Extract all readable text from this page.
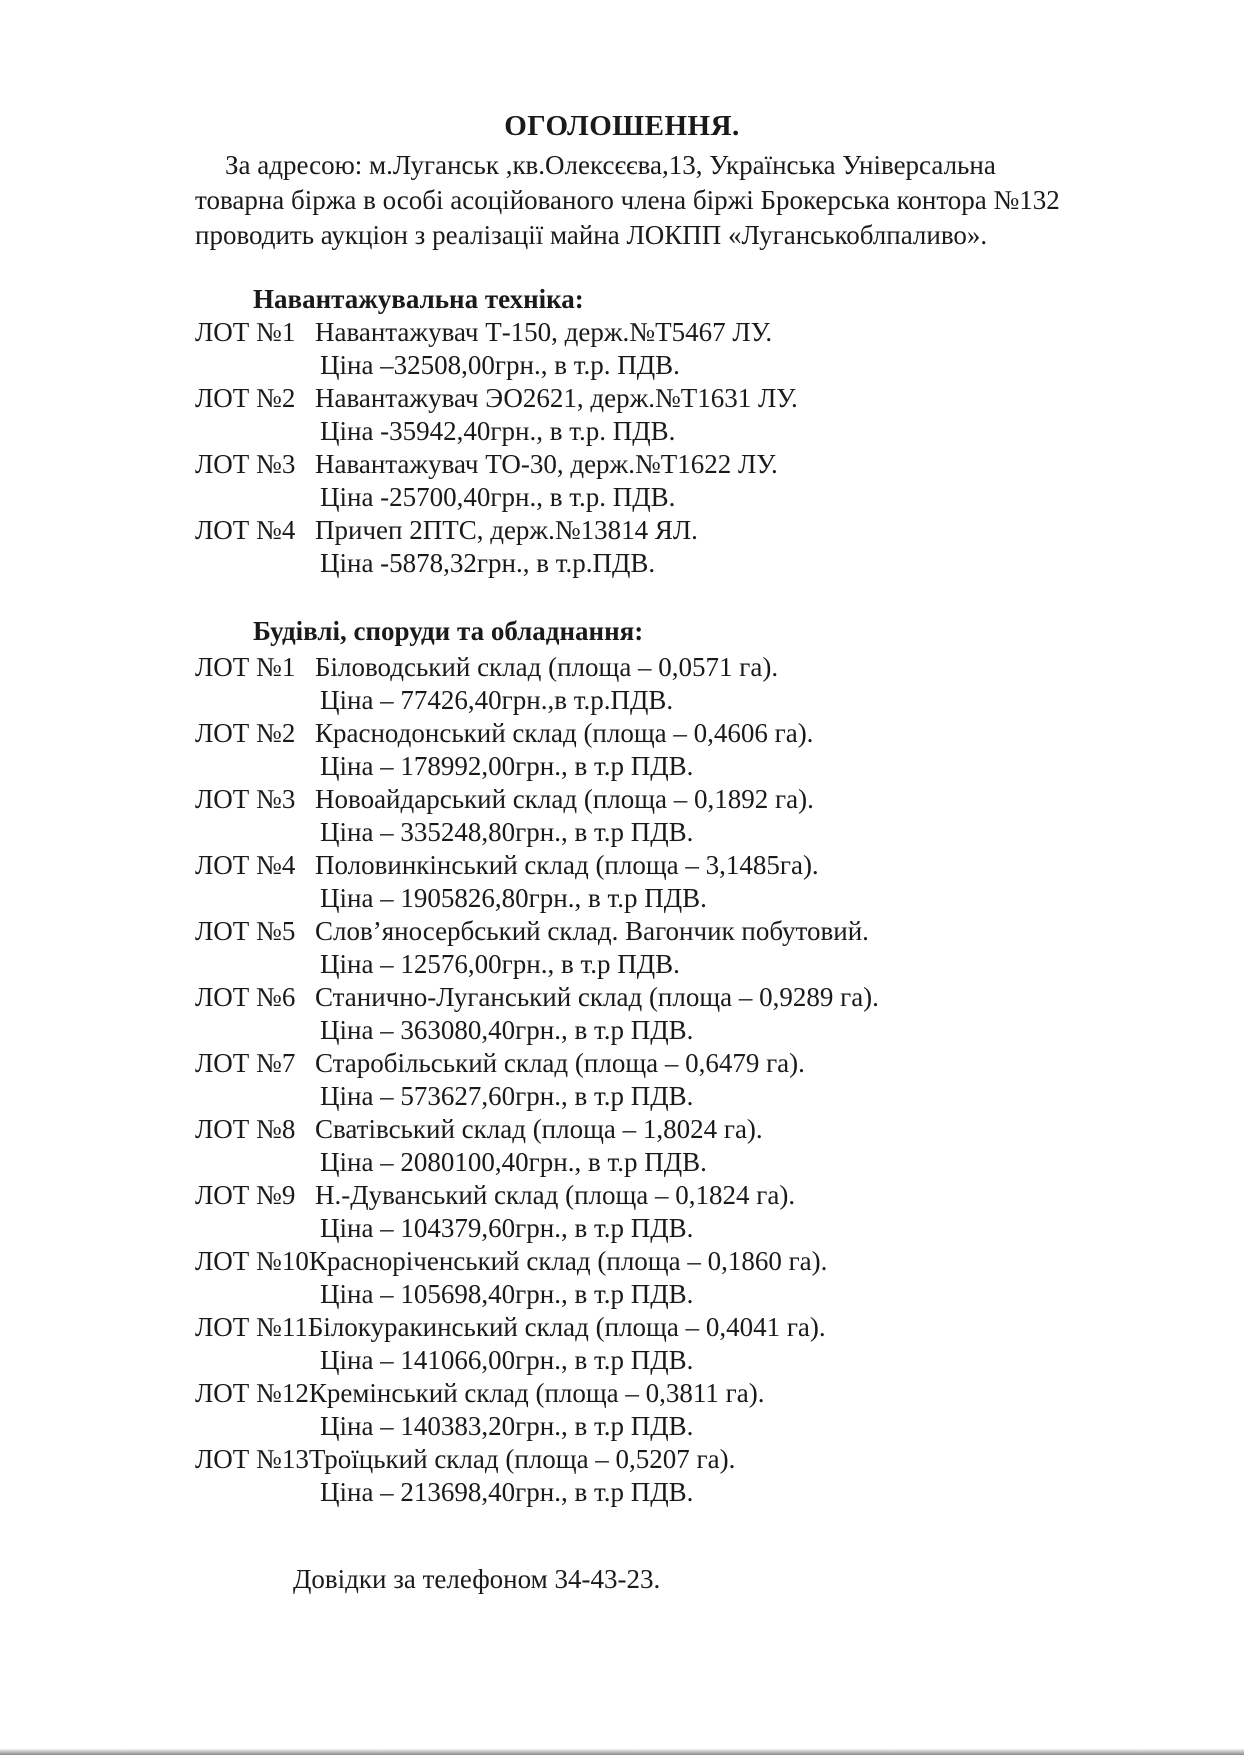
ОГОЛОШЕННЯ.
За адресою: м.Луганськ ,кв.Олексєєва,13, Українська Універсальна
товарна біржа в особі асоційованого члена біржі Брокерська контора №132
проводить аукціон з реалізації майна ЛОКПП «Луганськоблпаливо».
Навантажувальна техніка:
ЛОТ №1 Навантажувач Т-150, держ.№Т5467 ЛУ.
Ціна –32508,00грн., в т.р. ПДВ.
ЛОТ №2 Навантажувач ЭО2621, держ.№Т1631 ЛУ.
Ціна -35942,40грн., в т.р. ПДВ.
ЛОТ №3 Навантажувач ТО-30, держ.№Т1622 ЛУ.
Ціна -25700,40грн., в т.р. ПДВ.
ЛОТ №4 Причеп 2ПТС, держ.№13814 ЯЛ.
Ціна -5878,32грн., в т.р.ПДВ.
Будівлі, споруди та обладнання:
ЛОТ №1 Біловодський склад (площа – 0,0571 га).
Ціна – 77426,40грн.,в т.р.ПДВ.
ЛОТ №2 Краснодонський склад (площа – 0,4606 га).
Ціна – 178992,00грн., в т.р ПДВ.
ЛОТ №3 Новоайдарський склад (площа – 0,1892 га).
Ціна – 335248,80грн., в т.р ПДВ.
ЛОТ №4 Половинкінський склад (площа – 3,1485га).
Ціна – 1905826,80грн., в т.р ПДВ.
ЛОТ №5 Слов’яносербський склад. Вагончик побутовий.
Ціна – 12576,00грн., в т.р ПДВ.
ЛОТ №6 Станично-Луганський склад (площа – 0,9289 га).
Ціна – 363080,40грн., в т.р ПДВ.
ЛОТ №7 Старобільський склад (площа – 0,6479 га).
Ціна – 573627,60грн., в т.р ПДВ.
ЛОТ №8 Сватівський склад (площа – 1,8024 га).
Ціна – 2080100,40грн., в т.р ПДВ.
ЛОТ №9 Н.-Дуванський склад (площа – 0,1824 га).
Ціна – 104379,60грн., в т.р ПДВ.
ЛОТ №10 Красноріченський склад (площа – 0,1860 га).
Ціна – 105698,40грн., в т.р ПДВ.
ЛОТ №11 Білокуракинський склад (площа – 0,4041 га).
Ціна – 141066,00грн., в т.р ПДВ.
ЛОТ №12 Кремінський склад (площа – 0,3811 га).
Ціна – 140383,20грн., в т.р ПДВ.
ЛОТ №13 Троїцький склад (площа – 0,5207 га).
Ціна – 213698,40грн., в т.р ПДВ.
Довідки за телефоном 34-43-23.
